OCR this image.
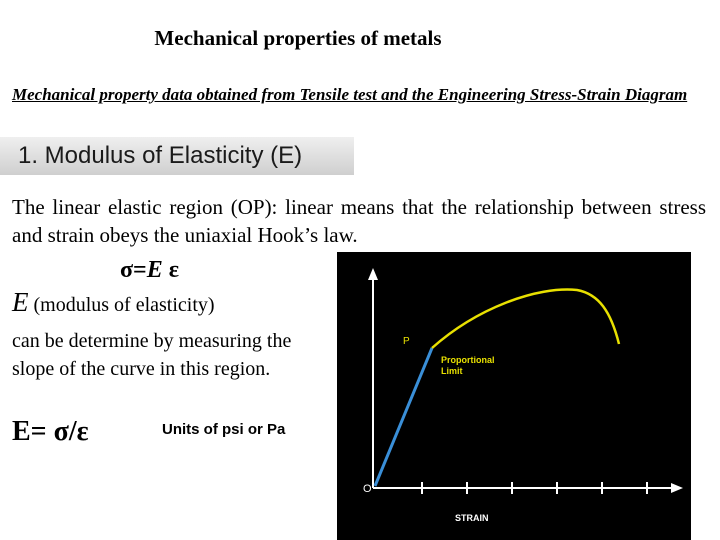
Mechanical properties of metals
Mechanical property data obtained from Tensile test and the Engineering Stress-Strain Diagram
1. Modulus of Elasticity (E)
The linear elastic region (OP): linear means that the relationship between stress and strain obeys the uniaxial Hook’s law.
σ=E ε
E (modulus of elasticity)
can be determine by measuring the slope of the curve in this region.
E= σ/ε	Units of psi or Pa
P
Proportional
Limit
O
STRAIN
